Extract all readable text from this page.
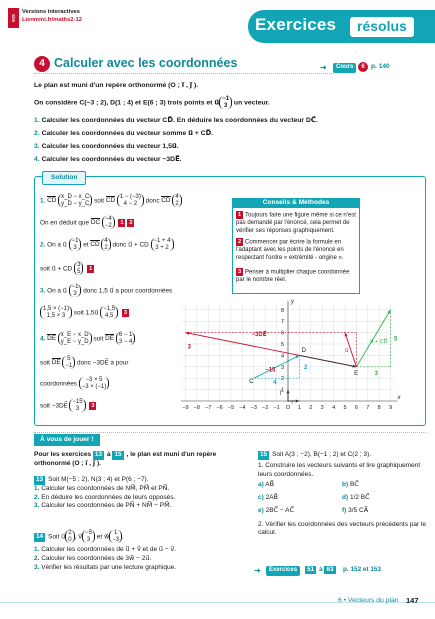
Exercices	résolus
Site
Versions interactives
Lienmini.fr/maths2-12
4 Calculer avec les coordonnées	➜	Cours	6 p. 140
Le plan est muni d'un repère orthonormé (O ; i⃗ , j⃗ ).
On considère C(−3 ; 2), D(1 ; 4) et E(6 ; 3) trois points et u⃗
−1
3 un vecteur.
1. Calculer les coordonnées du vecteur CD⃗. En déduire les coordonnées du vecteur DC⃗.
2. Calculer les coordonnées du vecteur somme u⃗ + CD⃗.
3. Calculer les coordonnées du vecteur 1,5u⃗.
4. Calculer les coordonnées du vecteur −3DE⃗.
Solution
1. CD
x_D − x_C
y_D − y_C soit CD
1 − (−3)
4 − 2	donc CD
4
2
On en déduit que DC
−4
−2 1 2
2. On a u⃗
−1
3 et CD
4
2 donc u⃗ + CD
−1 + 4
3 + 2
soit u⃗ + CD
3
5 1
3. On a u⃗
−1
3 donc 1,5 u⃗ a pour coordonnées
1,5 × (−1)
1,5 × 3	soit 1,5u⃗
−1,5
4,5	3
4. DE
x_E − x_D
y_E − y_D soit DE
6 − 1
3 − 4
soit DE
5
−1 donc −3DE⃗ a pour
coordonnées
−3 × 5
−3 × (−1)
soit −3DE⃗
−15
3	3
Conseils & Méthodes
1 Toujours faire une figure même si ce n'est pas demandé par l'énoncé, cela permet de vérifier ses réponses graphiquement.
2 Commencer par écrire la formule en l'adaptant avec les points de l'énoncé en respectant l'ordre « extrémité - origine ».
3 Penser à multiplier chaque coordonnée par le nombre réel.
−9 −8 −7 −6 −5 −4 −3 −2 −1 O 1 2 3 4 5 6 7 8 9
1
2
3
4
5
6
7
8
x
y
C
D
E
−3DE⃗
u⃗ + CD⃗
u⃗
i⃗
j⃗
3
−15
3
5
4
2
À vous de jouer !
Pour les exercices 13 à 15 , le plan est muni d'un repère orthonormé (O ; i⃗ , j⃗ ).
13 Soit M(−5 ; 2), N(3 ; 4) et P(6 ; −7).
1. Calculer les coordonnées de NM⃗, PM⃗ et PN⃗.
2. En déduire les coordonnées de leurs opposés.
3. Calculer les coordonnées de PN⃗ + NM⃗ − PM⃗.
14 Soit u⃗
2
0 , v⃗
−5
3 et w⃗
1
−3 .
1. Calculer les coordonnées de u⃗ + v⃗ et de u⃗ − v⃗.
2. Calculer les coordonnées de 3w⃗ − 2u⃗.
3. Vérifier les résultats par une lecture graphique.
15 Soit A(3 ; −2), B(−1 ; 2) et C(2 ; 3).
1. Construire les vecteurs suivants et lire graphiquement leurs coordonnées.
a) AB⃗	b) BC⃗
c) 2AB⃗	d) 1/2 BC⃗
e) 2BC⃗ − AC⃗	f) 3/5 CA⃗
2. Vérifier les coordonnées des vecteurs précédents par le calcul.
➜	Exercices	51 à 63	p. 152 et 153
6 • Vecteurs du plan 147
